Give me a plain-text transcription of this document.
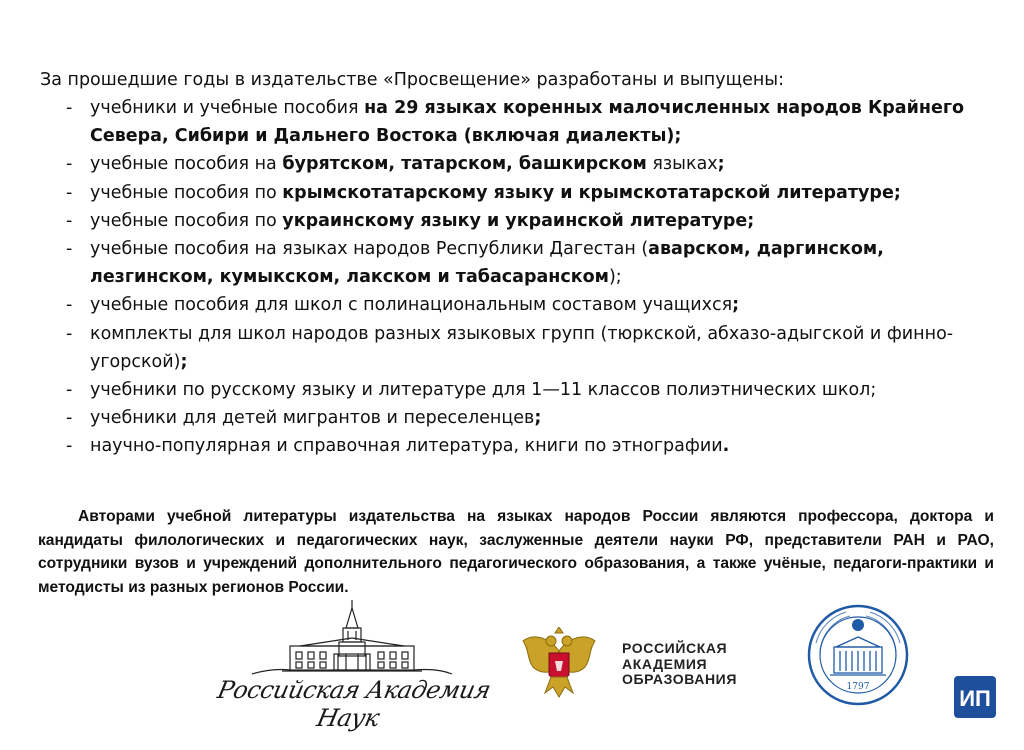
За прошедшие годы в издательстве «Просвещение» разработаны и выпущены:

- учебники и учебные пособия на 29 языках коренных малочисленных народов Крайнего Севера, Сибири и Дальнего Востока (включая диалекты);
- учебные пособия на бурятском, татарском, башкирском языках;
- учебные пособия по крымскотатарскому языку и крымскотатарской литературе;
- учебные пособия по украинскому языку и украинской литературе;
- учебные пособия на языках народов Республики Дагестан (аварском, даргинском, лезгинском, кумыкском, лакском и табасаранском);
- учебные пособия для школ с полинациональным составом учащихся;
- комплекты для школ народов разных языковых групп (тюркской, абхазо-адыгской и финно-угорской);
- учебники по русскому языку и литературе для 1—11 классов полиэтнических школ;
- учебники для детей мигрантов и переселенцев;
- научно-популярная и справочная литература, книги по этнографии.

Авторами учебной литературы издательства на языках народов России являются профессора, доктора и кандидаты филологических и педагогических наук, заслуженные деятели науки РФ, представители РАН и РАО, сотрудники вузов и учреждений дополнительного педагогического образования, а также учёные, педагоги-практики и методисты из разных регионов России.

Российская Академия Наук
РОССИЙСКАЯ
АКАДЕМИЯ
ОБРАЗОВАНИЯ	1797	ИП
